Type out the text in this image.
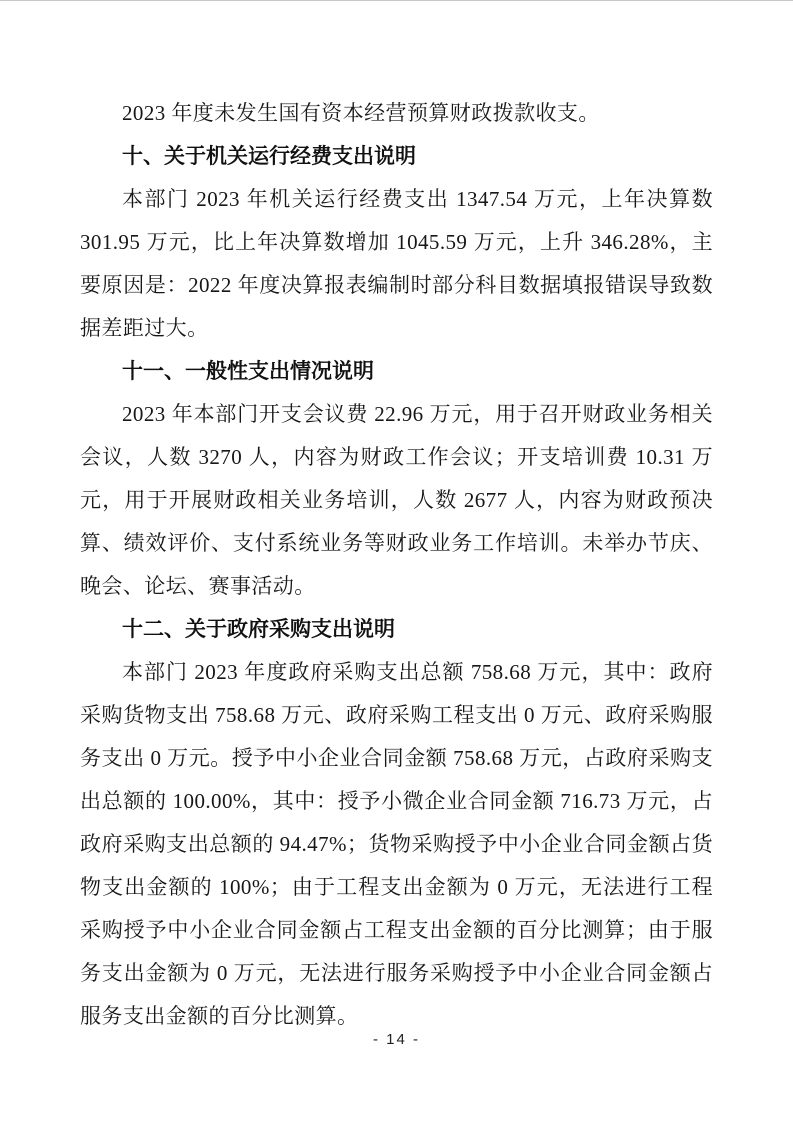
2023 年度未发生国有资本经营预算财政拨款收支。

十、关于机关运行经费支出说明

本部门 2023 年机关运行经费支出 1347.54 万元，上年决算数 301.95 万元，比上年决算数增加 1045.59 万元，上升 346.28%，主要原因是：2022 年度决算报表编制时部分科目数据填报错误导致数据差距过大。

十一、一般性支出情况说明

2023 年本部门开支会议费 22.96 万元，用于召开财政业务相关会议，人数 3270 人，内容为财政工作会议；开支培训费 10.31 万元，用于开展财政相关业务培训，人数 2677 人，内容为财政预决算、绩效评价、支付系统业务等财政业务工作培训。未举办节庆、晚会、论坛、赛事活动。

十二、关于政府采购支出说明

本部门 2023 年度政府采购支出总额 758.68 万元，其中：政府采购货物支出 758.68 万元、政府采购工程支出 0 万元、政府采购服务支出 0 万元。授予中小企业合同金额 758.68 万元，占政府采购支出总额的 100.00%，其中：授予小微企业合同金额 716.73 万元，占政府采购支出总额的 94.47%；货物采购授予中小企业合同金额占货物支出金额的 100%；由于工程支出金额为 0 万元，无法进行工程采购授予中小企业合同金额占工程支出金额的百分比测算；由于服务支出金额为 0 万元，无法进行服务采购授予中小企业合同金额占服务支出金额的百分比测算。

- 14 -
